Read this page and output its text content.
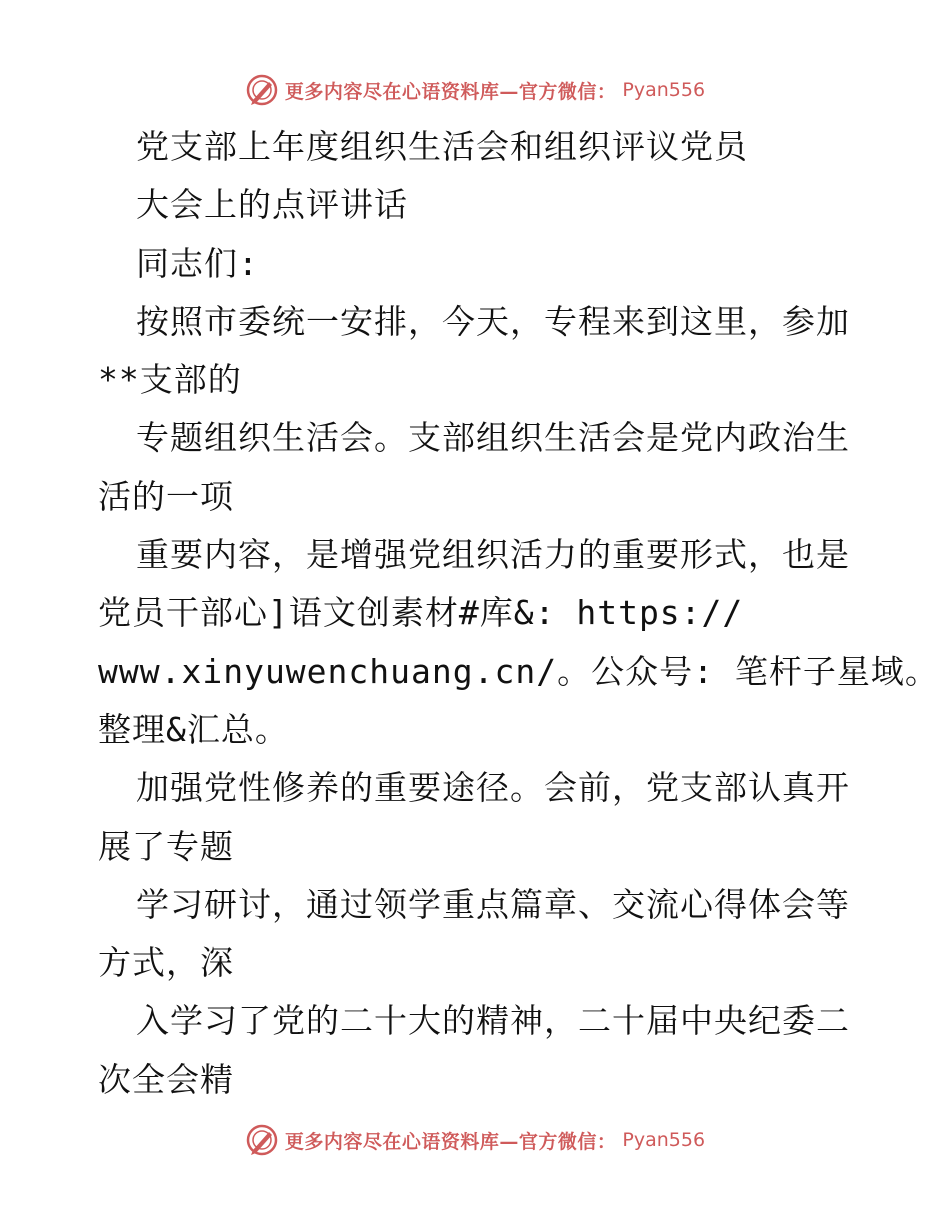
更多内容尽在心语资料库—官方微信： Pyan556
党支部上年度组织生活会和组织评议党员
大会上的点评讲话
同志们:
按照市委统一安排，今天，专程来到这里，参加
**支部的
专题组织生活会。支部组织生活会是党内政治生
活的一项
重要内容，是增强党组织活力的重要形式，也是
党员干部心]语文创素材#库&: https://
www.xinyuwenchuang.cn/。公众号: 笔杆子星域。
整理&汇总。
加强党性修养的重要途径。会前，党支部认真开
展了专题
学习研讨，通过领学重点篇章、交流心得体会等
方式，深
入学习了党的二十大的精神，二十届中央纪委二
次全会精
更多内容尽在心语资料库—官方微信： Pyan556
